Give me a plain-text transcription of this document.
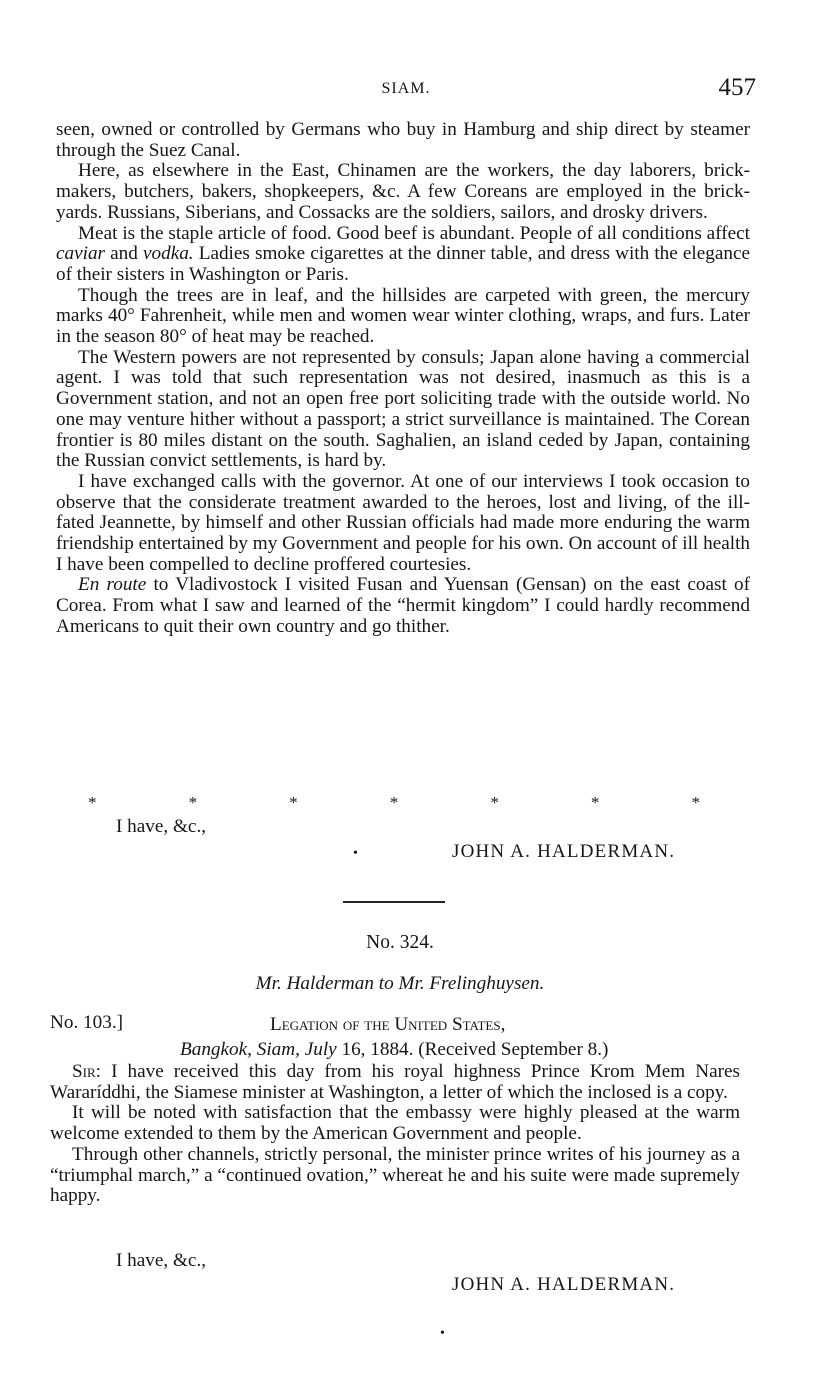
SIAM.	457

seen, owned or controlled by Germans who buy in Hamburg and ship direct by steamer through the Suez Canal.

Here, as elsewhere in the East, Chinamen are the workers, the day laborers, brick-makers, butchers, bakers, shopkeepers, &c. A few Coreans are employed in the brick-yards. Russians, Siberians, and Cossacks are the soldiers, sailors, and drosky drivers.

Meat is the staple article of food. Good beef is abundant. People of all conditions affect caviar and vodka. Ladies smoke cigarettes at the dinner table, and dress with the elegance of their sisters in Washington or Paris.

Though the trees are in leaf, and the hillsides are carpeted with green, the mercury marks 40° Fahrenheit, while men and women wear winter clothing, wraps, and furs. Later in the season 80° of heat may be reached.

The Western powers are not represented by consuls; Japan alone having a commercial agent. I was told that such representation was not desired, inasmuch as this is a Government station, and not an open free port soliciting trade with the outside world. No one may venture hither without a passport; a strict surveillance is maintained. The Corean frontier is 80 miles distant on the south. Saghalien, an island ceded by Japan, containing the Russian convict settlements, is hard by.

I have exchanged calls with the governor. At one of our interviews I took occasion to observe that the considerate treatment awarded to the heroes, lost and living, of the ill-fated Jeannette, by himself and other Russian officials had made more enduring the warm friendship entertained by my Government and people for his own. On account of ill health I have been compelled to decline proffered courtesies.

En route to Vladivostock I visited Fusan and Yuensan (Gensan) on the east coast of Corea. From what I saw and learned of the “hermit kingdom” I could hardly recommend Americans to quit their own country and go thither.

*	*	*	*	*	*	*
I have, &c.,
JOHN A. HALDERMAN.
•
No. 324.
Mr. Halderman to Mr. Frelinghuysen.
No. 103.]	Legation of the United States,
Bangkok, Siam, July 16, 1884. (Received September 8.)

Sir: I have received this day from his royal highness Prince Krom Mem Nares Wararíddhi, the Siamese minister at Washington, a letter of which the inclosed is a copy.

It will be noted with satisfaction that the embassy were highly pleased at the warm welcome extended to them by the American Government and people.

Through other channels, strictly personal, the minister prince writes of his journey as a “triumphal march,” a “continued ovation,” whereat he and his suite were made supremely happy.

I have, &c.,
JOHN A. HALDERMAN.
•
